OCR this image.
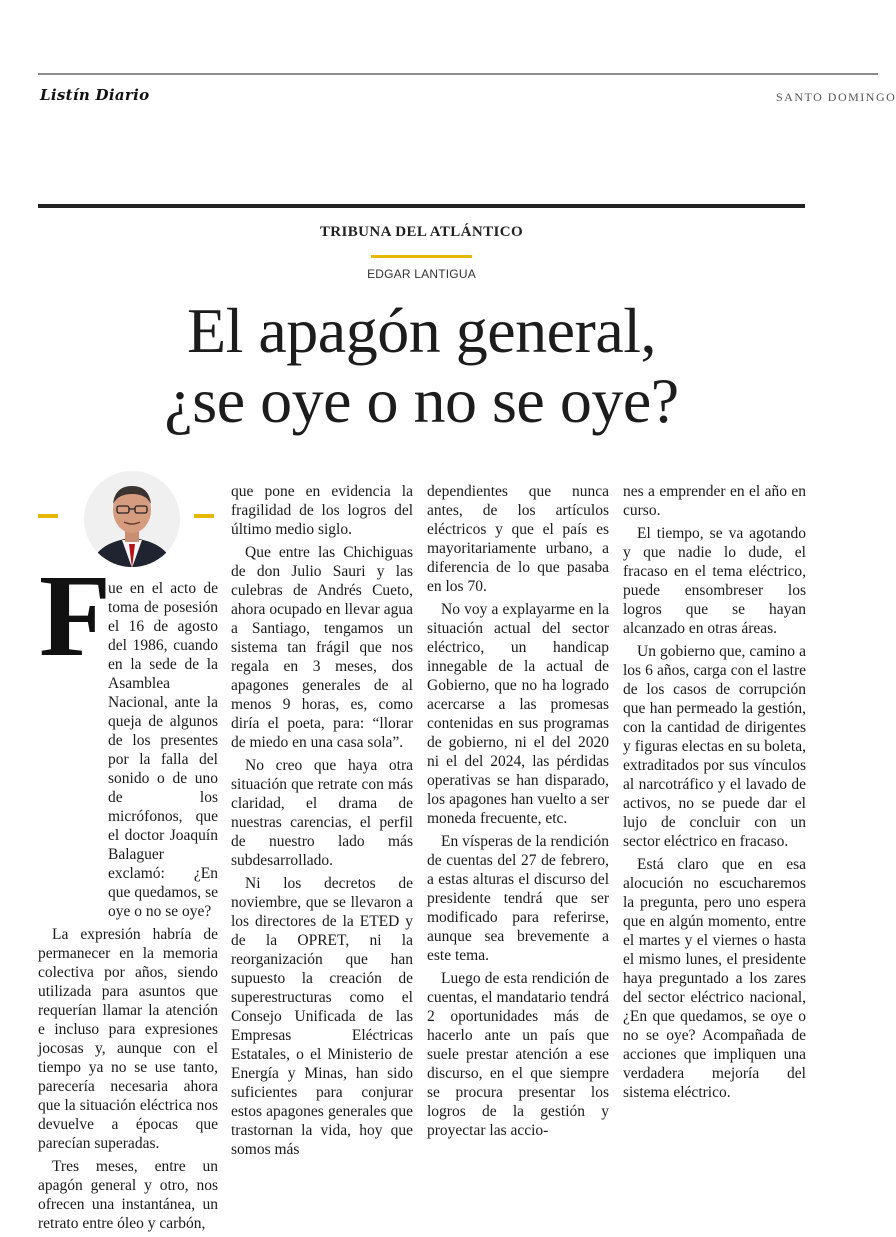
Listín Diario	SANTO DOMINGO
TRIBUNA DEL ATLÁNTICO
EDGAR LANTIGUA
El apagón general,
¿se oye o no se oye?
F

ue en el acto de toma de posesión el 16 de agosto del 1986, cuando en la sede de la Asamblea Nacional, ante la queja de algunos de los presentes por la falla del sonido o de uno de los micrófonos, que el doctor Joaquín Balaguer exclamó: ¿En que quedamos, se oye o no se oye?

La expresión habría de permanecer en la memoria colectiva por años, siendo utilizada para asuntos que requerían llamar la atención e incluso para expresiones jocosas y, aunque con el tiempo ya no se use tanto, parecería necesaria ahora que la situación eléctrica nos devuelve a épocas que parecían superadas.

Tres meses, entre un apagón general y otro, nos ofrecen una instantánea, un retrato entre óleo y carbón,

que pone en evidencia la fragilidad de los logros del último medio siglo.

Que entre las Chichiguas de don Julio Sauri y las culebras de Andrés Cueto, ahora ocupado en llevar agua a Santiago, tengamos un sistema tan frágil que nos regala en 3 meses, dos apagones generales de al menos 9 horas, es, como diría el poeta, para: “llorar de miedo en una casa sola”.

No creo que haya otra situación que retrate con más claridad, el drama de nuestras carencias, el perfil de nuestro lado más subdesarrollado.

Ni los decretos de noviembre, que se llevaron a los directores de la ETED y de la OPRET, ni la reorganización que han supuesto la creación de superestructuras como el Consejo Unificada de las Empresas Eléctricas Estatales, o el Ministerio de Energía y Minas, han sido suficientes para conjurar estos apagones generales que trastornan la vida, hoy que somos más

dependientes que nunca antes, de los artículos eléctricos y que el país es mayoritariamente urbano, a diferencia de lo que pasaba en los 70.

No voy a explayarme en la situación actual del sector eléctrico, un handicap innegable de la actual de Gobierno, que no ha logrado acercarse a las promesas contenidas en sus programas de gobierno, ni el del 2020 ni el del 2024, las pérdidas operativas se han disparado, los apagones han vuelto a ser moneda frecuente, etc.

En vísperas de la rendición de cuentas del 27 de febrero, a estas alturas el discurso del presidente tendrá que ser modificado para referirse, aunque sea brevemente a este tema.

Luego de esta rendición de cuentas, el mandatario tendrá 2 oportunidades más de hacerlo ante un país que suele prestar atención a ese discurso, en el que siempre se procura presentar los logros de la gestión y proyectar las accio-

nes a emprender en el año en curso.

El tiempo, se va agotando y que nadie lo dude, el fracaso en el tema eléctrico, puede ensombreser los logros que se hayan alcanzado en otras áreas.

Un gobierno que, camino a los 6 años, carga con el lastre de los casos de corrupción que han permeado la gestión, con la cantidad de dirigentes y figuras electas en su boleta, extraditados por sus vínculos al narcotráfico y el lavado de activos, no se puede dar el lujo de concluir con un sector eléctrico en fracaso.

Está claro que en esa alocución no escucharemos la pregunta, pero uno espera que en algún momento, entre el martes y el viernes o hasta el mismo lunes, el presidente haya preguntado a los zares del sector eléctrico nacional, ¿En que quedamos, se oye o no se oye? Acompañada de acciones que impliquen una verdadera mejoría del sistema eléctrico.
